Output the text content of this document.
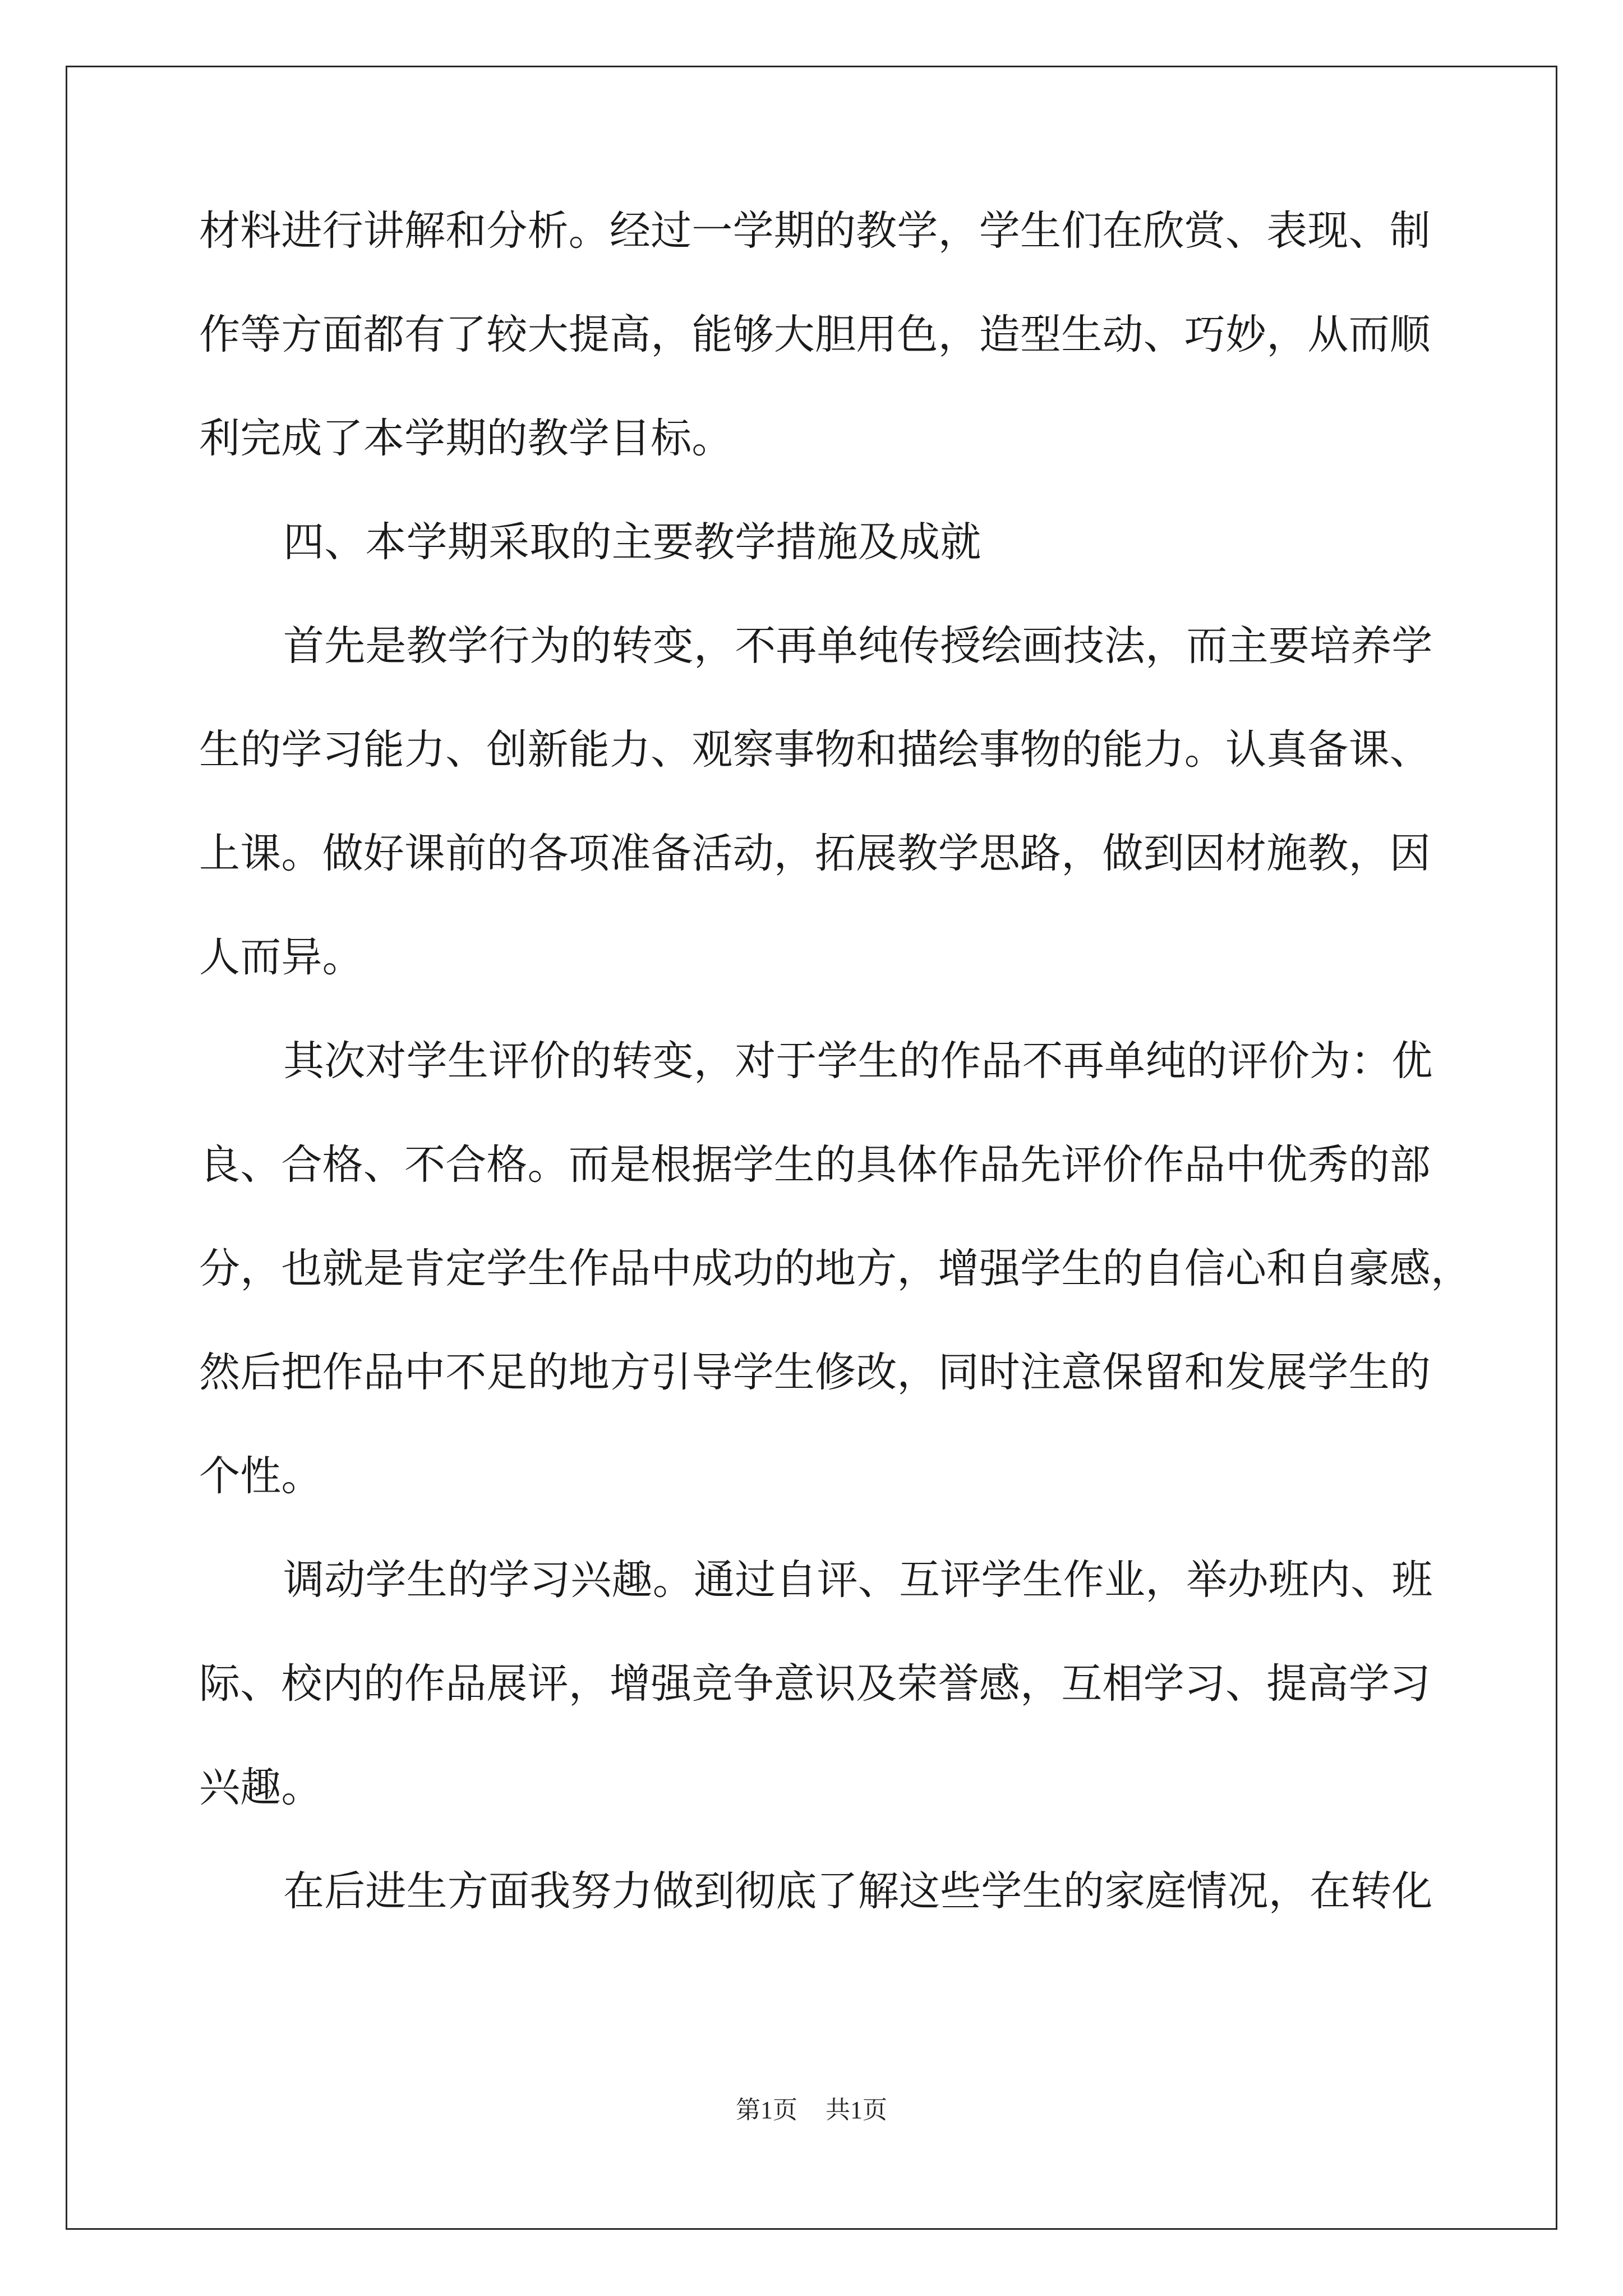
材料进行讲解和分析。经过一学期的教学，学生们在欣赏、表现、制

作等方面都有了较大提高，能够大胆用色，造型生动、巧妙，从而顺

利完成了本学期的教学目标。

四、本学期采取的主要教学措施及成就

首先是教学行为的转变，不再单纯传授绘画技法，而主要培养学

生的学习能力、创新能力、观察事物和描绘事物的能力。认真备课、

上课。做好课前的各项准备活动，拓展教学思路，做到因材施教，因

人而异。

其次对学生评价的转变，对于学生的作品不再单纯的评价为：优

良、合格、不合格。而是根据学生的具体作品先评价作品中优秀的部

分，也就是肯定学生作品中成功的地方，增强学生的自信心和自豪感，

然后把作品中不足的地方引导学生修改，同时注意保留和发展学生的

个性。

调动学生的学习兴趣。通过自评、互评学生作业，举办班内、班

际、校内的作品展评，增强竞争意识及荣誉感，互相学习、提高学习

兴趣。

在后进生方面我努力做到彻底了解这些学生的家庭情况，在转化

第1页 共1页
